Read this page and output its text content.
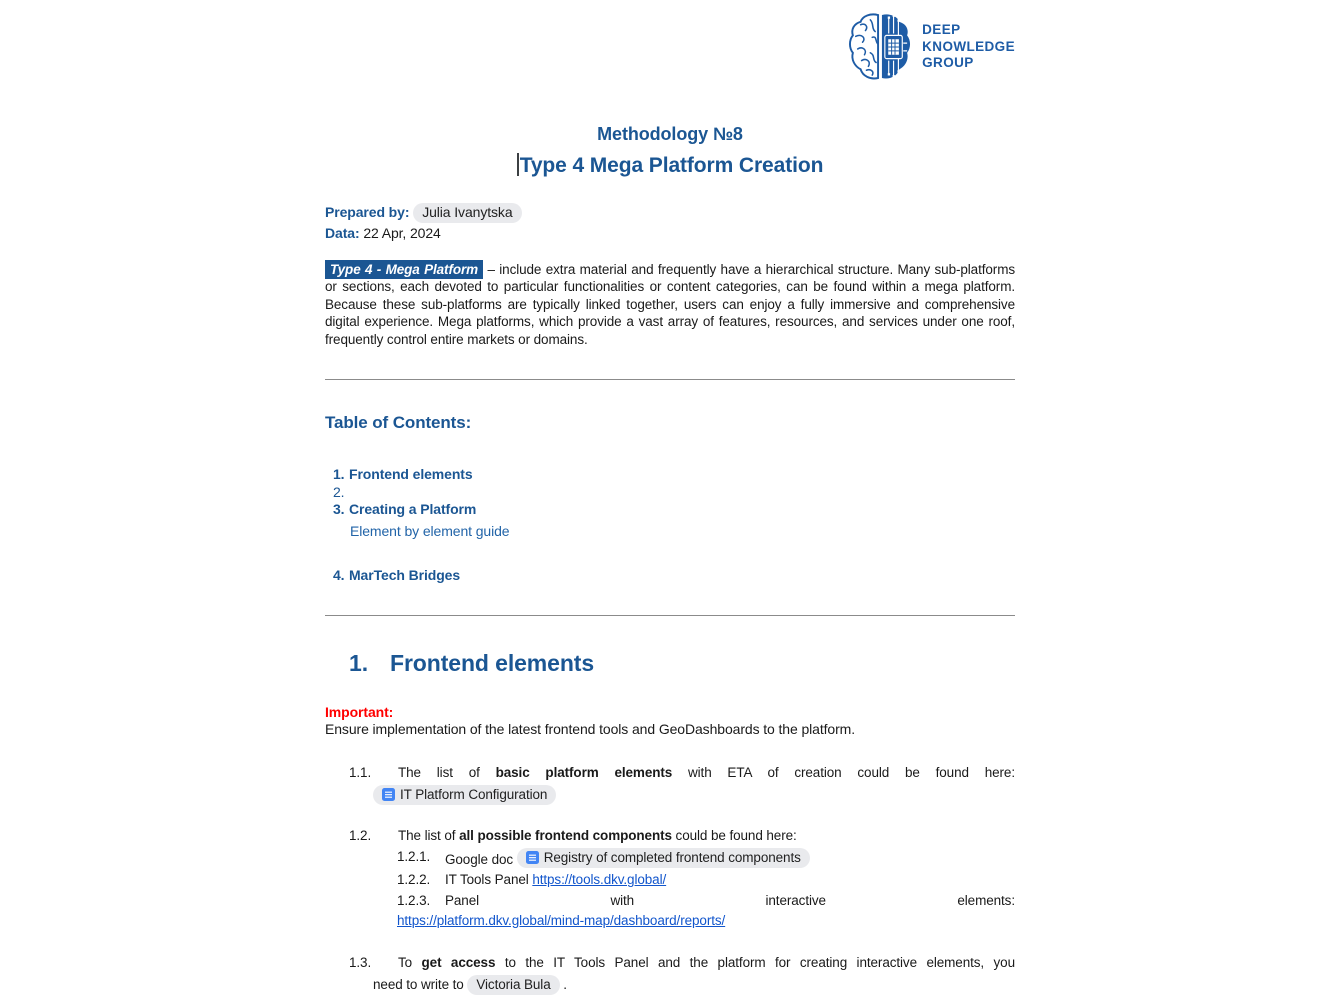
DEEP
KNOWLEDGE
GROUP
Methodology №8
Type 4 Mega Platform Creation
Prepared by: Julia Ivanytska
Data: 22 Apr, 2024

Type 4 - Mega Platform – include extra material and frequently have a hierarchical structure. Many sub-platforms or sections, each devoted to particular functionalities or content categories, can be found within a mega platform. Because these sub-platforms are typically linked together, users can enjoy a fully immersive and comprehensive digital experience. Mega platforms, which provide a vast array of features, resources, and services under one roof, frequently control entire markets or domains.

Table of Contents:
1. Frontend elements
2.
3. Creating a Platform
Element by element guide
4. MarTech Bridges
1. Frontend elements
Important:
Ensure implementation of the latest frontend tools and GeoDashboards to the platform.
1.1. The list of basic platform elements with ETA of creation could be found here:
IT Platform Configuration
1.2. The list of all possible frontend components could be found here:
1.2.1. Google doc Registry of completed frontend components
1.2.2. IT Tools Panel https://tools.dkv.global/
1.2.3. Panel with interactive elements:
https://platform.dkv.global/mind-map/dashboard/reports/
1.3. To get access to the IT Tools Panel and the platform for creating interactive elements, you
need to write to Victoria Bula .
